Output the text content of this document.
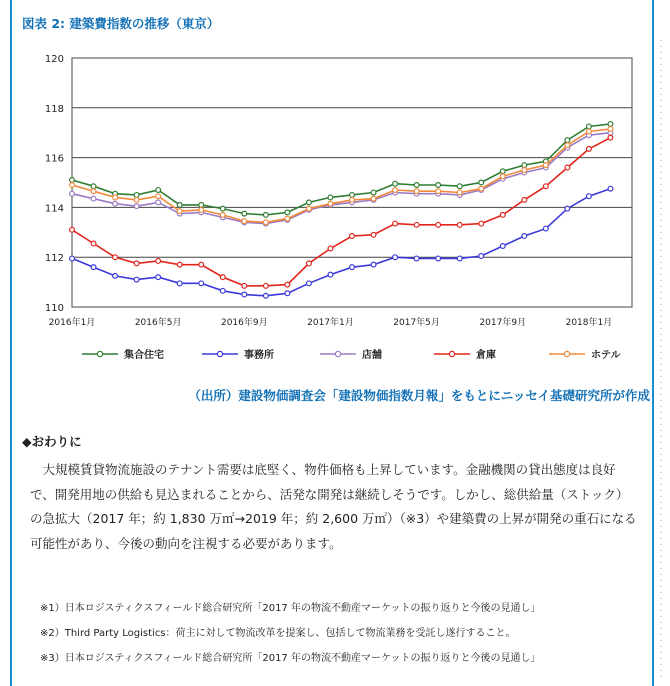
図表 2: 建築費指数の推移（東京）
110
112
114
116
118
120
2016年1月	2016年5月	2016年9月	2017年1月	2017年5月	2017年9月	2018年1月
集合住宅	事務所	店舗	倉庫	ホテル
（出所）建設物価調査会「建設物価指数月報」をもとにニッセイ基礎研究所が作成
◆おわりに

大規模賃貸物流施設のテナント需要は底堅く、物件価格も上昇しています。金融機関の貸出態度は良好で、開発用地の供給も見込まれることから、活発な開発は継続しそうです。しかし、総供給量（ストック）の急拡大（2017 年；約 1,830 万㎡→2019 年；約 2,600 万㎡）（※3）や建築費の上昇が開発の重石になる可能性があり、今後の動向を注視する必要があります。

※1）日本ロジスティクスフィールド総合研究所「2017 年の物流不動産マーケットの振り返りと今後の見通し」
※2）Third Party Logistics：荷主に対して物流改革を提案し、包括して物流業務を受託し遂行すること。
※3）日本ロジスティクスフィールド総合研究所「2017 年の物流不動産マーケットの振り返りと今後の見通し」
